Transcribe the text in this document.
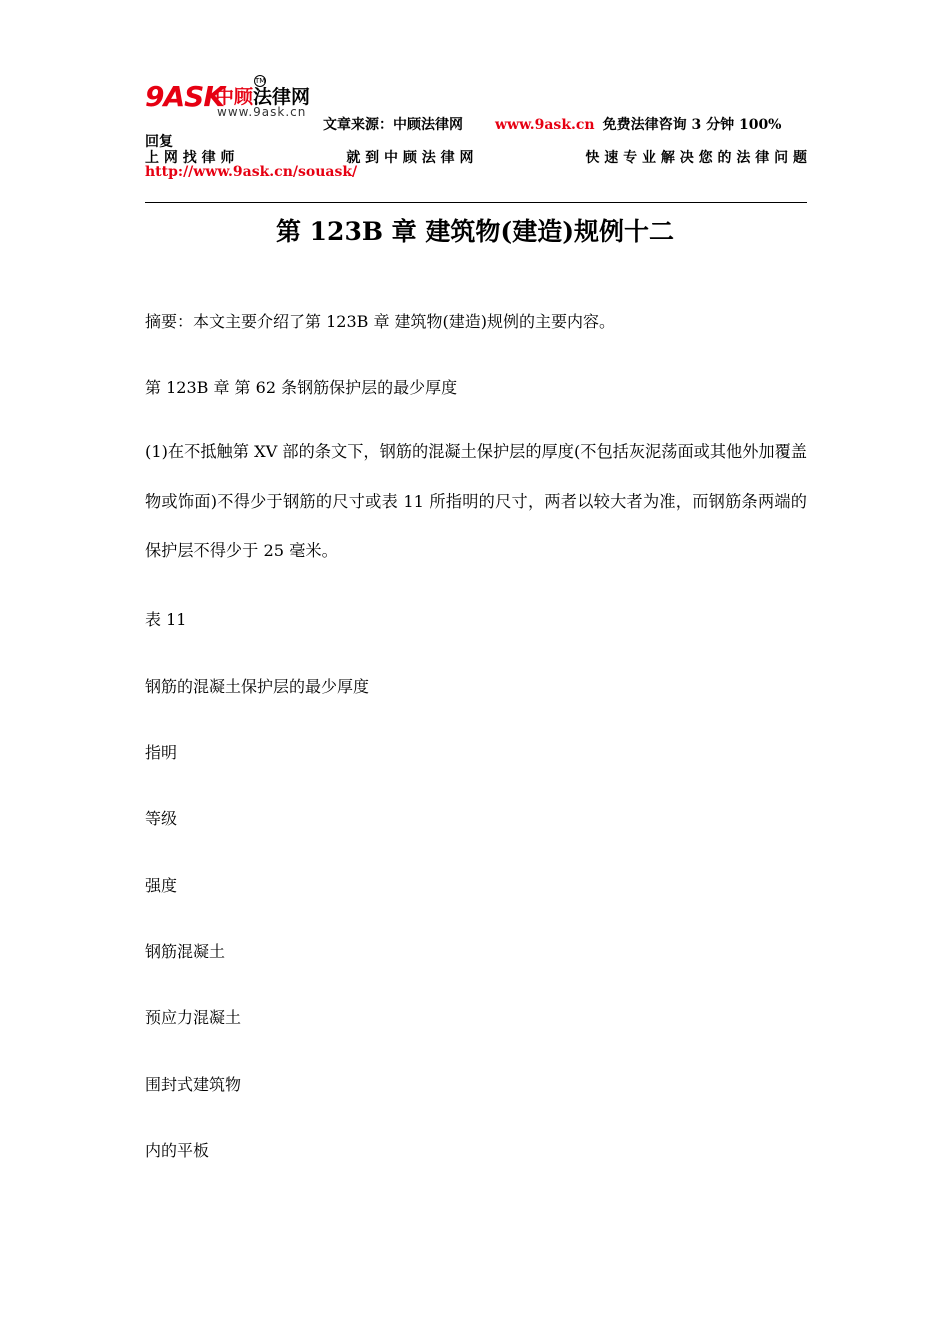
9ASK
中顾法律网
TM
www.9ask.cn
文章来源：中顾法律网 www.9ask.cn 免费法律咨询 3 分钟 100%
回复
上 网 找 律 师	就 到 中 顾 法 律 网	快 速 专 业 解 决 您 的 法 律 问 题
http://www.9ask.cn/souask/
第 123B 章 建筑物(建造)规例十二
摘要：本文主要介绍了第 123B 章 建筑物(建造)规例的主要内容。
第 123B 章 第 62 条钢筋保护层的最少厚度
(1)在不抵触第 XV 部的条文下，钢筋的混凝土保护层的厚度(不包括灰泥荡面或其他外加覆盖物或饰面)不得少于钢筋的尺寸或表 11 所指明的尺寸，两者以较大者为准，而钢筋条两端的保护层不得少于 25 毫米。
表 11
钢筋的混凝土保护层的最少厚度
指明
等级
强度
钢筋混凝土
预应力混凝土
围封式建筑物
内的平板
